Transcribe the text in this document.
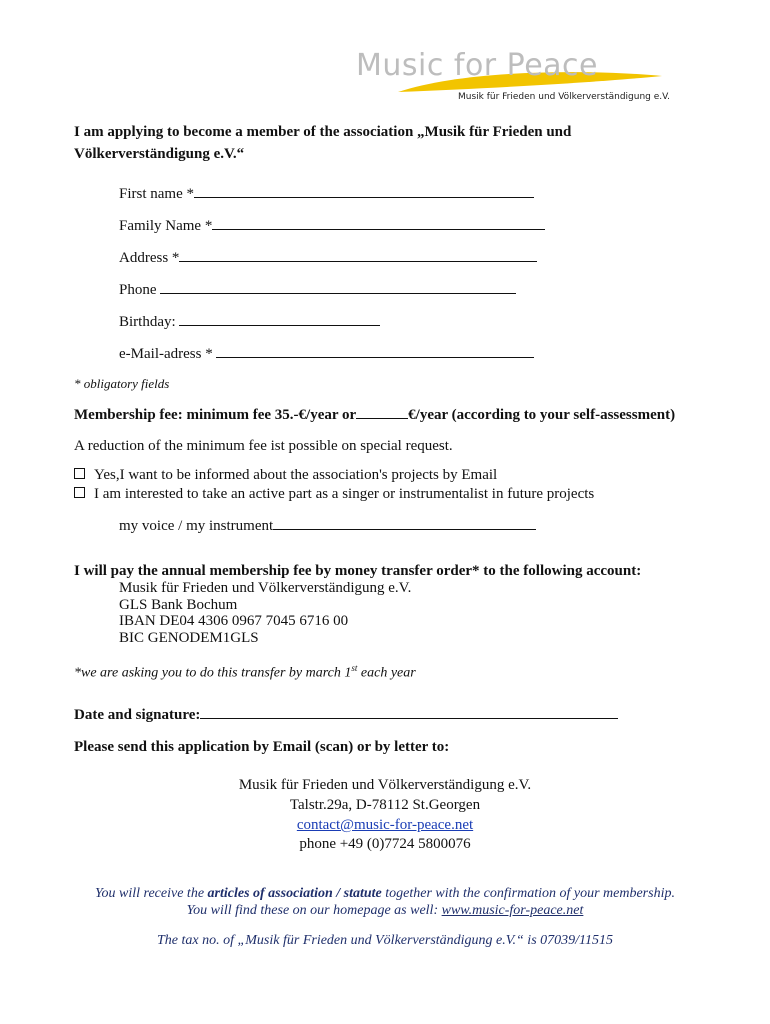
Music for Peace
Musik für Frieden und Völkerverständigung e.V.
I am applying to become a member of the association „Musik für Frieden und Völkerverständigung e.V.“
First name *
Family Name *
Address *
Phone
Birthday:
e-Mail-adress *
* obligatory fields
Membership fee: minimum fee 35.-€/year or	€/year (according to your self-assessment)
A reduction of the minimum fee ist possible on special request.
Yes,I want to be informed about the association's projects by Email
I am interested to take an active part as a singer or instrumentalist in future projects
my voice / my instrument
I will pay the annual membership fee by money transfer order* to the following account:
Musik für Frieden und Völkerverständigung e.V.
GLS Bank Bochum
IBAN DE04 4306 0967 7045 6716 00
BIC GENODEM1GLS
*we are asking you to do this transfer by march 1st each year
Date and signature:
Please send this application by Email (scan) or by letter to:
Musik für Frieden und Völkerverständigung e.V.
Talstr.29a, D-78112 St.Georgen
contact@music-for-peace.net
phone +49 (0)7724 5800076
You will receive the articles of association / statute together with the confirmation of your membership. You will find these on our homepage as well: www.music-for-peace.net
The tax no. of „Musik für Frieden und Völkerverständigung e.V.“ is 07039/11515
